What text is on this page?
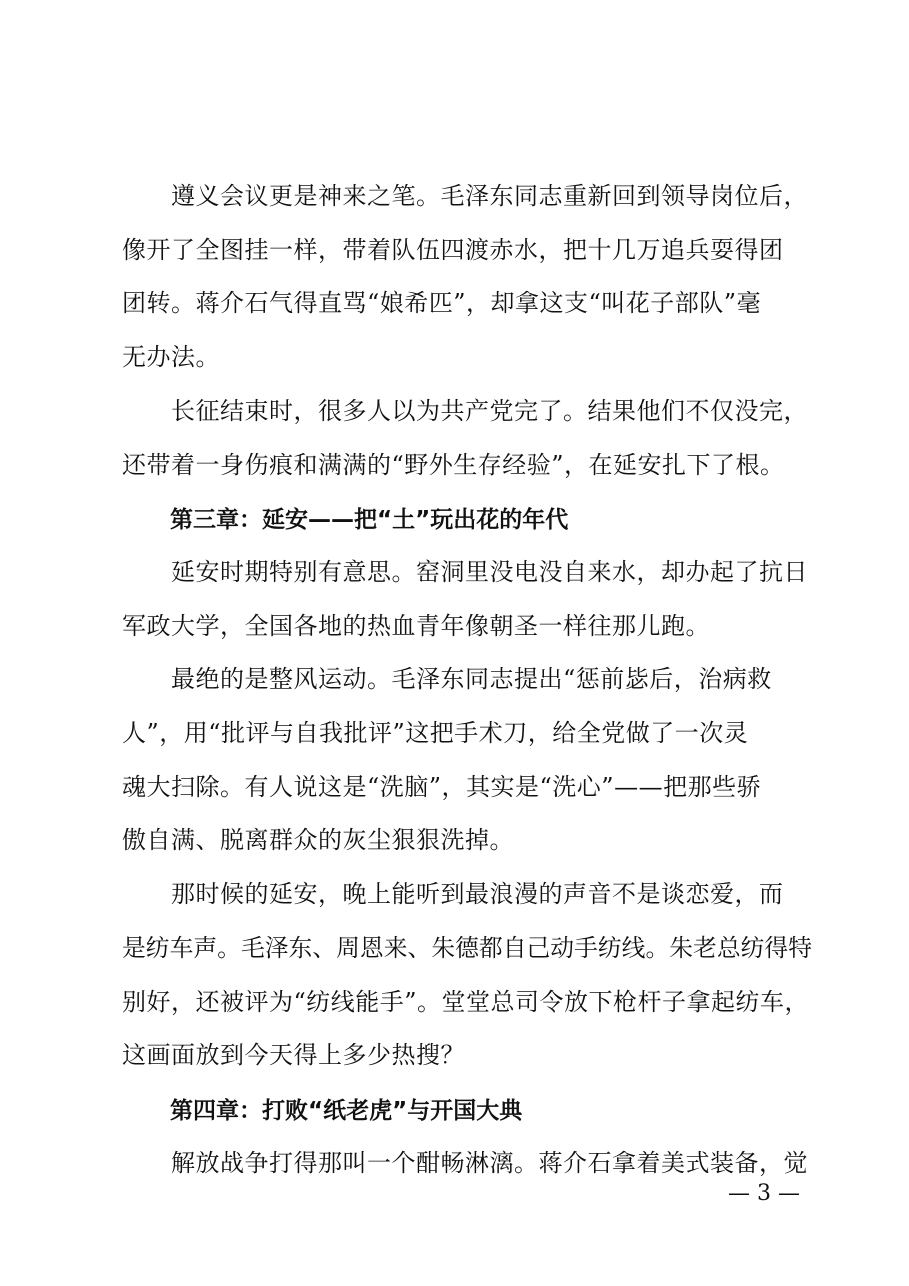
　　遵义会议更是神来之笔。毛泽东同志重新回到领导岗位后，
像开了全图挂一样，带着队伍四渡赤水，把十几万追兵耍得团
团转。蒋介石气得直骂“娘希匹”，却拿这支“叫花子部队”毫
无办法。
　　长征结束时，很多人以为共产党完了。结果他们不仅没完，
还带着一身伤痕和满满的“野外生存经验”，在延安扎下了根。
第三章：延安——把“土”玩出花的年代
　　延安时期特别有意思。窑洞里没电没自来水，却办起了抗日
军政大学，全国各地的热血青年像朝圣一样往那儿跑。
　　最绝的是整风运动。毛泽东同志提出“惩前毖后，治病救
人”，用“批评与自我批评”这把手术刀，给全党做了一次灵
魂大扫除。有人说这是“洗脑”，其实是“洗心”——把那些骄
傲自满、脱离群众的灰尘狠狠洗掉。
　　那时候的延安，晚上能听到最浪漫的声音不是谈恋爱，而
是纺车声。毛泽东、周恩来、朱德都自己动手纺线。朱老总纺得特
别好，还被评为“纺线能手”。堂堂总司令放下枪杆子拿起纺车，
这画面放到今天得上多少热搜？
第四章：打败“纸老虎”与开国大典
　　解放战争打得那叫一个酣畅淋漓。蒋介石拿着美式装备，觉
— 3 —
